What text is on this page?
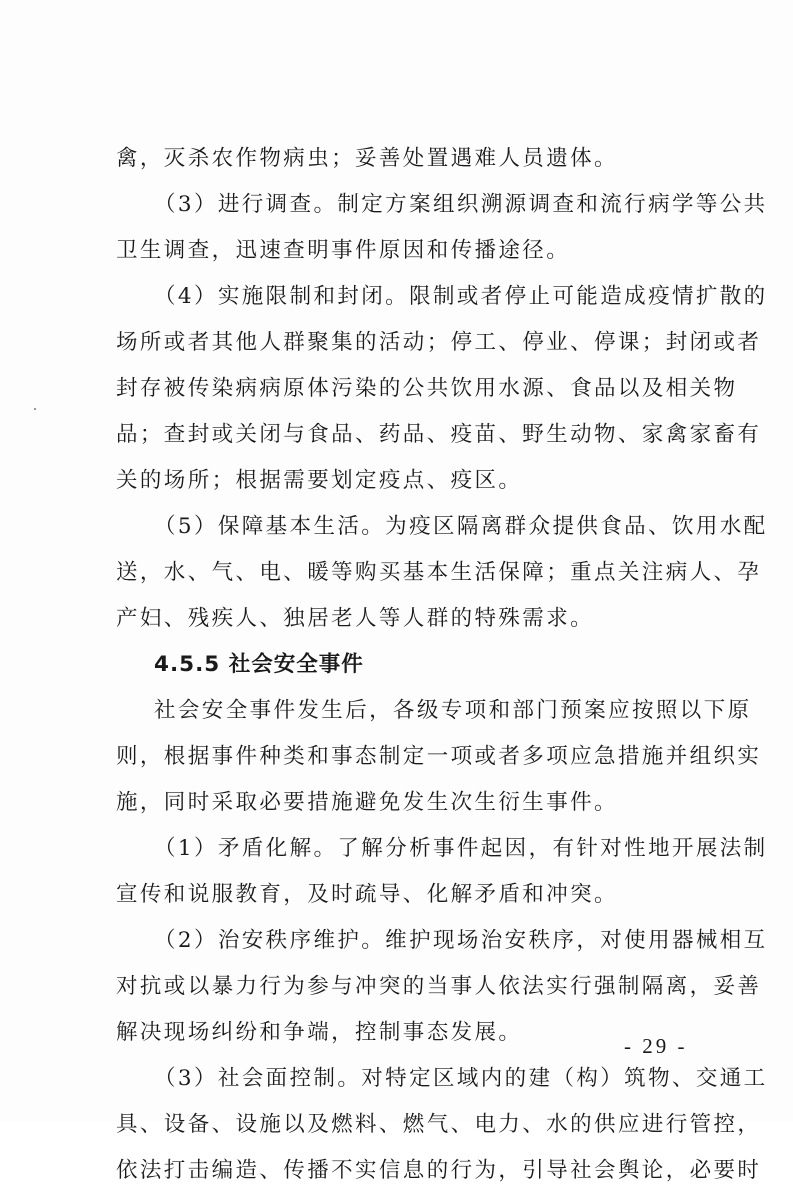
禽，灭杀农作物病虫；妥善处置遇难人员遗体。
（3）进行调查。制定方案组织溯源调查和流行病学等公共
卫生调查，迅速查明事件原因和传播途径。
（4）实施限制和封闭。限制或者停止可能造成疫情扩散的
场所或者其他人群聚集的活动；停工、停业、停课；封闭或者
封存被传染病病原体污染的公共饮用水源、食品以及相关物
品；查封或关闭与食品、药品、疫苗、野生动物、家禽家畜有
关的场所；根据需要划定疫点、疫区。
（5）保障基本生活。为疫区隔离群众提供食品、饮用水配
送，水、气、电、暖等购买基本生活保障；重点关注病人、孕
产妇、残疾人、独居老人等人群的特殊需求。
4.5.5 社会安全事件
社会安全事件发生后，各级专项和部门预案应按照以下原
则，根据事件种类和事态制定一项或者多项应急措施并组织实
施，同时采取必要措施避免发生次生衍生事件。
（1）矛盾化解。了解分析事件起因，有针对性地开展法制
宣传和说服教育，及时疏导、化解矛盾和冲突。
（2）治安秩序维护。维护现场治安秩序，对使用器械相互
对抗或以暴力行为参与冲突的当事人依法实行强制隔离，妥善
解决现场纠纷和争端，控制事态发展。
（3）社会面控制。对特定区域内的建（构）筑物、交通工
具、设备、设施以及燃料、燃气、电力、水的供应进行管控，
依法打击编造、传播不实信息的行为，引导社会舆论，必要时
- 29 -
